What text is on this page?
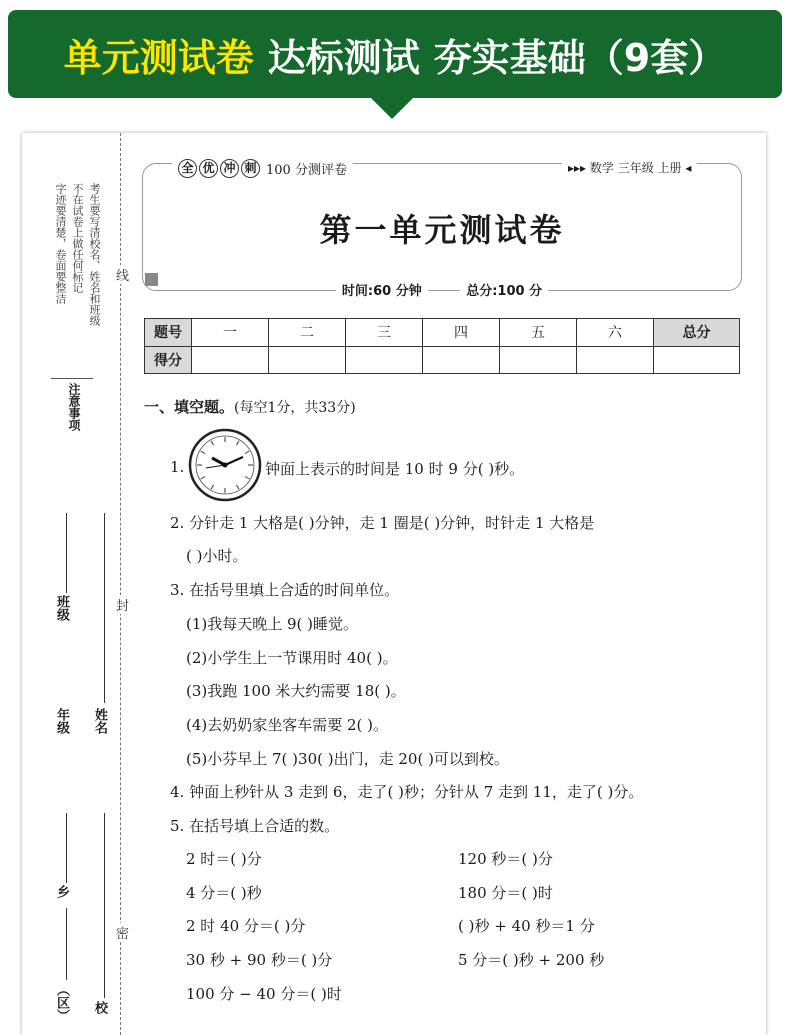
单元测试卷 达标测试 夯实基础（9套）
考生要写清校名、姓名和班级
不在试卷上做任何标记
字迹要清楚，卷面要整洁
注意事项
线
封
密
班级
年级 姓名
乡
（区） 校
全 优 冲 刺 100 分测评卷	▸▸▸ 数学 三年级 上册 ◂
第一单元测试卷
时间:60 分钟	总分:100 分
题号	一	二	三	四	五	六	总分
得分							
一、填空题。(每空1分，共33分)
1.	钟面上表示的时间是 10 时 9 分( )秒。
2. 分针走 1 大格是( )分钟，走 1 圈是( )分钟，时针走 1 大格是
( )小时。
3. 在括号里填上合适的时间单位。
(1)我每天晚上 9( )睡觉。
(2)小学生上一节课用时 40( )。
(3)我跑 100 米大约需要 18( )。
(4)去奶奶家坐客车需要 2( )。
(5)小芬早上 7( )30( )出门，走 20( )可以到校。
4. 钟面上秒针从 3 走到 6，走了( )秒；分针从 7 走到 11，走了( )分。
5. 在括号填上合适的数。
2 时＝( )分	120 秒＝( )分
4 分＝( )秒	180 分＝( )时
2 时 40 分＝( )分	( )秒 + 40 秒＝1 分
30 秒 + 90 秒＝( )分	5 分＝( )秒 + 200 秒
100 分 − 40 分＝( )时
